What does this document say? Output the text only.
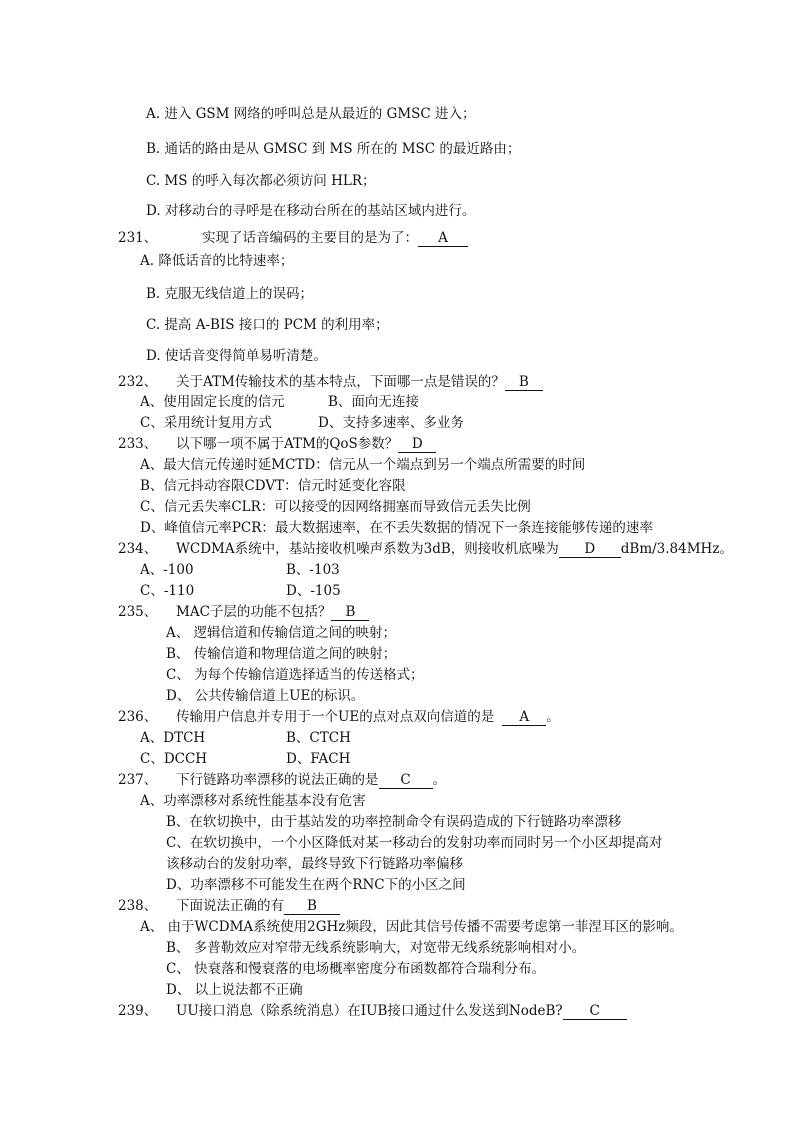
A. 进入 GSM 网络的呼叫总是从最近的 GMSC 进入；
B. 通话的路由是从 GMSC 到 MS 所在的 MSC 的最近路由；
C. MS 的呼入每次都必须访问 HLR；
D. 对移动台的寻呼是在移动台所在的基站区域内进行。
231、	实现了话音编码的主要目的是为了： A
A. 降低话音的比特速率；
B. 克服无线信道上的误码；
C. 提高 A-BIS 接口的 PCM 的利用率；
D. 使话音变得简单易听清楚。
232、 关于ATM传输技术的基本特点，下面哪一点是错误的？ B
A、使用固定长度的信元	B、面向无连接
C、采用统计复用方式	D、支持多速率、多业务
233、 以下哪一项不属于ATM的QoS参数？ D
A、最大信元传递时延MCTD：信元从一个端点到另一个端点所需要的时间
B、信元抖动容限CDVT：信元时延变化容限
C、信元丢失率CLR：可以接受的因网络拥塞而导致信元丢失比例
D、峰值信元率PCR：最大数据速率，在不丢失数据的情况下一条连接能够传递的速率
234、 WCDMA系统中，基站接收机噪声系数为3dB，则接收机底噪为 D dBm/3.84MHz。
A、-100	B、-103
C、-110	D、-105
235、 MAC子层的功能不包括？ B
A、 逻辑信道和传输信道之间的映射；
B、 传输信道和物理信道之间的映射；
C、 为每个传输信道选择适当的传送格式；
D、 公共传输信道上UE的标识。
236、 传输用户信息并专用于一个UE的点对点双向信道的是 A 。
A、DTCH	B、CTCH
C、DCCH	D、FACH
237、 下行链路功率漂移的说法正确的是 C 。
A、功率漂移对系统性能基本没有危害
B、在软切换中，由于基站发的功率控制命令有误码造成的下行链路功率漂移
C、在软切换中，一个小区降低对某一移动台的发射功率而同时另一个小区却提高对
该移动台的发射功率，最终导致下行链路功率偏移
D、功率漂移不可能发生在两个RNC下的小区之间
238、 下面说法正确的有 B
A、 由于WCDMA系统使用2GHz频段，因此其信号传播不需要考虑第一菲涅耳区的影响。
B、 多普勒效应对窄带无线系统影响大，对宽带无线系统影响相对小。
C、 快衰落和慢衰落的电场概率密度分布函数都符合瑞利分布。
D、 以上说法都不正确
239、 UU接口消息（除系统消息）在IUB接口通过什么发送到NodeB? C
